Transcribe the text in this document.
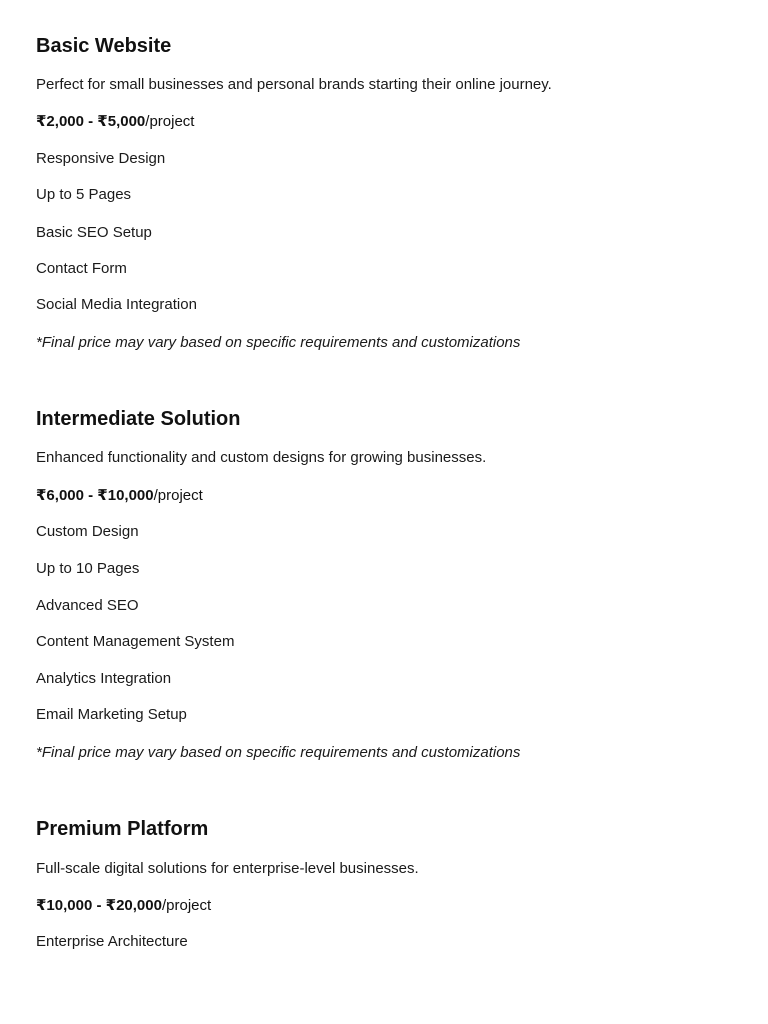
Basic Website

Perfect for small businesses and personal brands starting their online journey.

₹2,000 - ₹5,000/project
Responsive Design
Up to 5 Pages
Basic SEO Setup
Contact Form
Social Media Integration

*Final price may vary based on specific requirements and customizations

Intermediate Solution

Enhanced functionality and custom designs for growing businesses.

₹6,000 - ₹10,000/project
Custom Design
Up to 10 Pages
Advanced SEO
Content Management System
Analytics Integration
Email Marketing Setup

*Final price may vary based on specific requirements and customizations

Premium Platform

Full-scale digital solutions for enterprise-level businesses.

₹10,000 - ₹20,000/project
Enterprise Architecture
